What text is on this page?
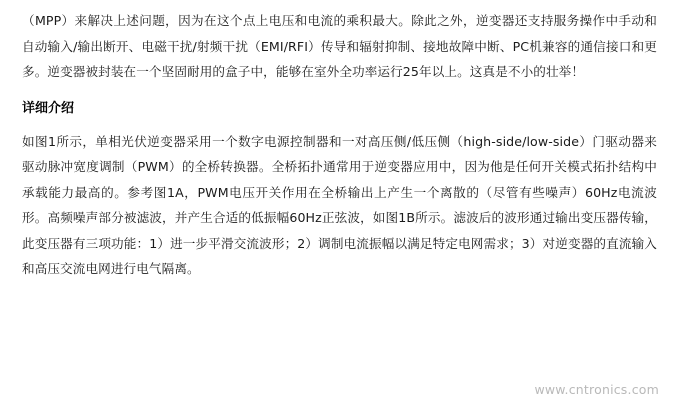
（MPP）来解决上述问题，因为在这个点上电压和电流的乘积最大。除此之外，逆变器还支持服务操作中手动和自动输入/输出断开、电磁干扰/射频干扰（EMI/RFI）传导和辐射抑制、接地故障中断、PC机兼容的通信接口和更多。逆变器被封装在一个坚固耐用的盒子中，能够在室外全功率运行25年以上。这真是不小的壮举！

详细介绍

如图1所示，单相光伏逆变器采用一个数字电源控制器和一对高压侧/低压侧（high-side/low-side）门驱动器来驱动脉冲宽度调制（PWM）的全桥转换器。全桥拓扑通常用于逆变器应用中，因为他是任何开关模式拓扑结构中承载能力最高的。参考图1A，PWM电压开关作用在全桥输出上产生一个离散的（尽管有些噪声）60Hz电流波形。高频噪声部分被滤波，并产生合适的低振幅60Hz正弦波，如图1B所示。滤波后的波形通过输出变压器传输，此变压器有三项功能：1）进一步平滑交流波形；2）调制电流振幅以满足特定电网需求；3）对逆变器的直流输入和高压交流电网进行电气隔离。

www.cntronics.com
